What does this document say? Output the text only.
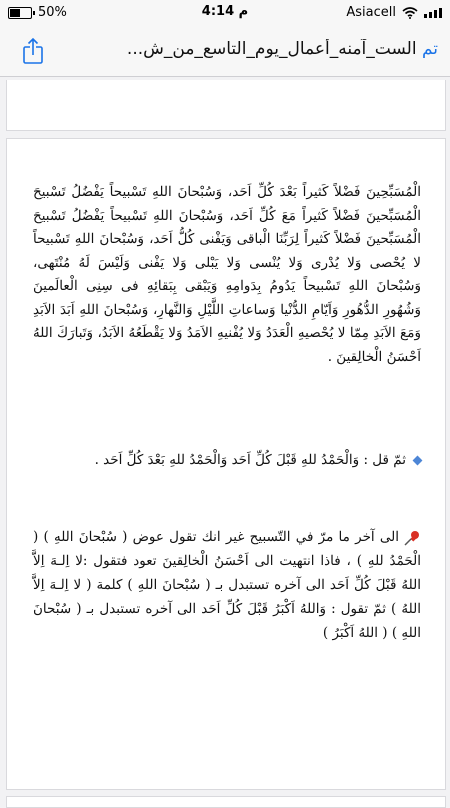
50%	4:14 م	Asiacell
تم الست_آمنه_أعمال_يوم_التاسع_من_ش...
الْمُسَبِّحِينَ فَضْلاً كَثيراً بَعْدَ كُلِّ اَحَد، وَسُبْحانَ اللهِ تَسْبيحاً يَفْضُلُ تَسْبيحَ الْمُسَبِّحينَ فَضْلاً كَثيراً مَعَ كُلِّ اَحَد، وَسُبْحانَ اللهِ تَسْبيحاً يَفْضُلُ تَسْبيحَ الْمُسَبِّحينَ فَضْلاً كَثيراً لِرَبِّنَا الْباقى وَيَفْنى كُلُّ اَحَد، وَسُبْحانَ اللهِ تَسْبيحاً لا يُحْصى وَلا يُدْرى وَلا يُنْسى وَلا يَبْلى وَلا يَفْنى وَلَيْسَ لَهُ مُنْتَهى، وَسُبْحانَ اللهِ تَسْبيحاً يَدُومُ بِدَوامِهِ وَيَبْقى بِبَقائِهِ فى سِنِى الْعالَمينَ وَشُهُورِ الدُّهُورِ وَاَيّامِ الدُّنْيا وَساعاتِ اللَّيْلِ وَالنَّهارِ، وَسُبْحانَ اللهِ اَبَدَ الاَبَدِ وَمَعَ الاَبَدِ مِمّا لا يُحْصيهِ الْعَدَدُ وَلا يُفْنيهِ الاَمَدُ وَلا يَقْطَعُهُ الاَبَدُ، وَتَبارَكَ اللهُ اَحْسَنُ الْخالِقينَ .
ثمّ قل : وَالْحَمْدُ للهِ قَبْلَ كُلِّ اَحَد وَالْحَمْدُ للهِ بَعْدَ كُلِّ اَحَد .
الى آخر ما مرّ في التّسبيح غير انك تقول عوض ( سُبْحانَ اللهِ ) ( الْحَمْدُ للهِ ) ، فاذا انتهيت الى اَحْسَنُ الْخالِقينَ تعود فتقول :لا اِلـهَ اِلاَّ اللهُ قَبْلَ كُلِّ اَحَد الى آخره تستبدل بـ ( سُبْحانَ اللهِ ) كلمة ( لا اِلـهَ اِلاَّ اللهُ ) ثمّ تقول : وَاللهُ اَكْبَرُ قَبْلَ كُلِّ اَحَد الى آخره تستبدل بـ ( سُبْحانَ اللهِ ) ( اللهُ اَكْبَرُ )
